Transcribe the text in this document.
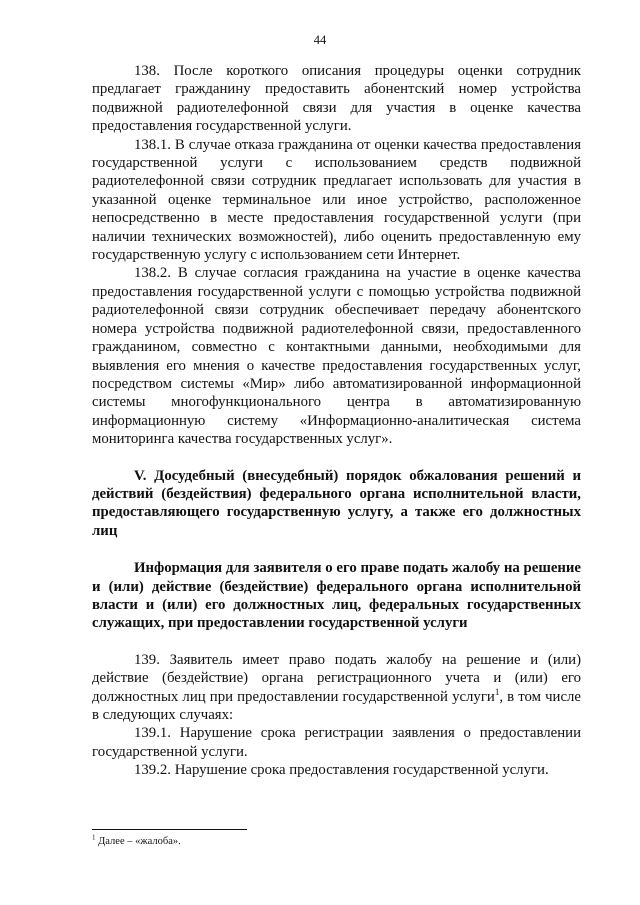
44

138. После короткого описания процедуры оценки сотрудник предлагает гражданину предоставить абонентский номер устройства подвижной радиотелефонной связи для участия в оценке качества предоставления государственной услуги.

138.1. В случае отказа гражданина от оценки качества предоставления государственной услуги с использованием средств подвижной радиотелефонной связи сотрудник предлагает использовать для участия в указанной оценке терминальное или иное устройство, расположенное непосредственно в месте предоставления государственной услуги (при наличии технических возможностей), либо оценить предоставленную ему государственную услугу с использованием сети Интернет.

138.2. В случае согласия гражданина на участие в оценке качества предоставления государственной услуги с помощью устройства подвижной радиотелефонной связи сотрудник обеспечивает передачу абонентского номера устройства подвижной радиотелефонной связи, предоставленного гражданином, совместно с контактными данными, необходимыми для выявления его мнения о качестве предоставления государственных услуг, посредством системы «Мир» либо автоматизированной информационной системы многофункционального центра в автоматизированную информационную систему «Информационно-аналитическая система мониторинга качества государственных услуг».

V. Досудебный (внесудебный) порядок обжалования решений и действий (бездействия) федерального органа исполнительной власти, предоставляющего государственную услугу, а также его должностных лиц
Информация для заявителя о его праве подать жалобу на решение и (или) действие (бездействие) федерального органа исполнительной власти и (или) его должностных лиц, федеральных государственных служащих, при предоставлении государственной услуги

139. Заявитель имеет право подать жалобу на решение и (или) действие (бездействие) органа регистрационного учета и (или) его должностных лиц при предоставлении государственной услуги$^1$, в том числе в следующих случаях:

139.1. Нарушение срока регистрации заявления о предоставлении государственной услуги.

139.2. Нарушение срока предоставления государственной услуги.

$^1$ Далее – «жалоба».
